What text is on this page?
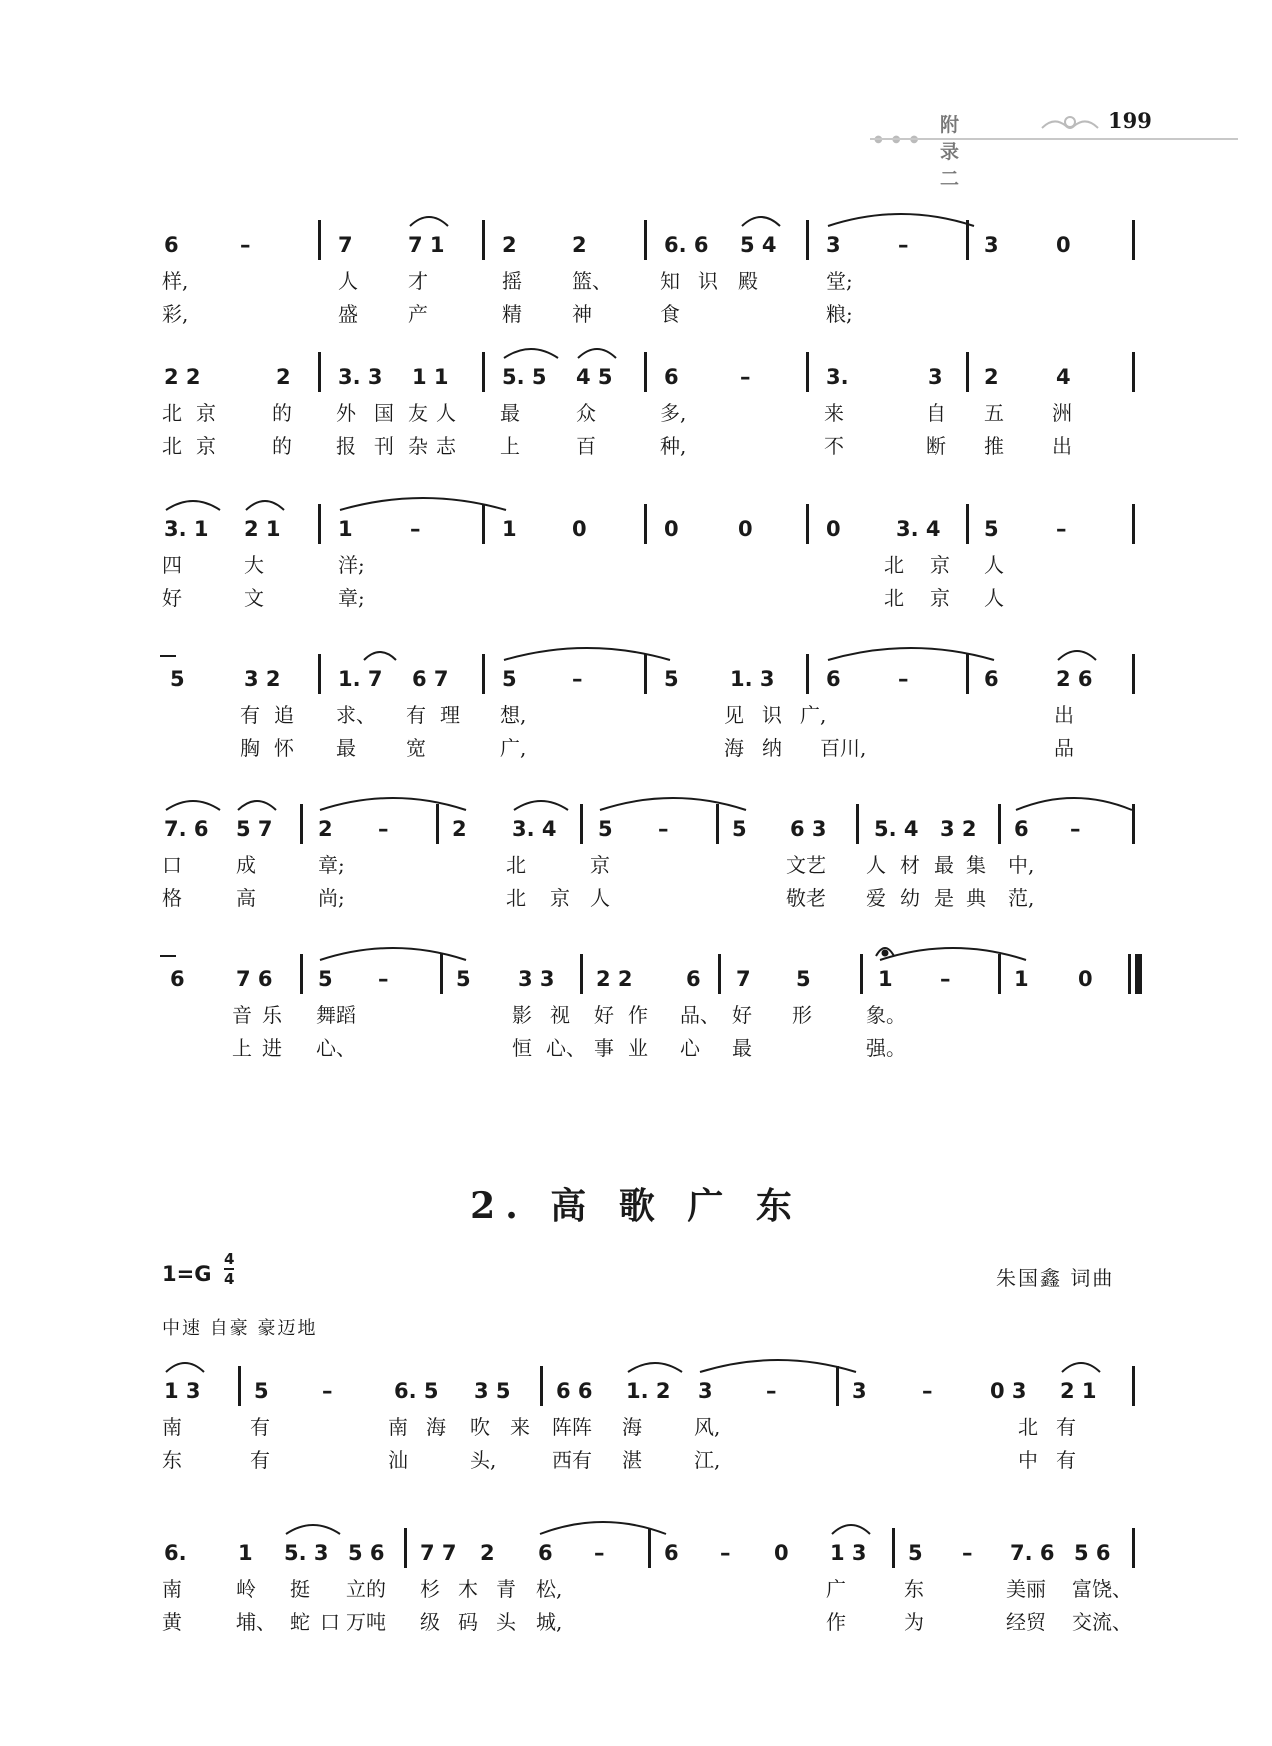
附录二
199
● ● ●
6	–	7	7 1	2	2	6. 6 5 4 3	–	3	0
样,	人	才	摇	篮、 知 识 殿	堂;
彩,	盛	产	精	神	食	粮;
2 2	2 3. 3 1 1	5. 5 4 5 6	–	3.	3 2	4
北 京	的 外 国 友 人 最	众	多,	来	自 五 洲
北 京	的 报 刊 杂 志 上	百	种,	不	断 推 出
3. 1 2 1	1	–	1	0	0	0	0	3. 4 5	–
四	大	洋;	北 京 人
好	文	章;	北 京 人
5	3 2	1. 7 6 7	5	–	5 1. 3 6	–	6	2 6
有 追 求、 有 理 想,	见 识 广,	出
胸 怀 最	宽	广,	海 纳 百川,	品
7. 6 5 7 2 –	2 3. 4 5 –	5 6 3 5. 4 3 2 6 –
口	成	章;	北	京	文艺 人 材 最 集 中,
格	高	尚;	北 京 人	敬老 爱 幼 是 典 范,
6 7 6 5 –	5 3 3 2 2	6 7 5	1 –	1 0
音 乐 舞蹈	影 视 好 作 品、 好 形	象。
上 进 心、	恒 心、 事 业 心 最	强。
2. 高 歌 广 东
1=G
4
4	朱国鑫 词曲
中速 自豪 豪迈地
1 3	5	–	6. 5 3 5 6 6 1. 2 3	–	3	–	0 3 2 1
南	有	南 海 吹 来 阵阵 海	风,	北 有
东	有	汕	头,	西有 湛	江,	中 有
6. 1 5. 3 5 6 7 7 2 6 –	6 – 0 1 3 5 – 7. 6 5 6
南	岭 挺 立的 杉 木 青 松,	广	东	美丽 富饶、
黄	埔、 蛇 口 万吨 级 码 头 城,	作	为	经贸 交流、
